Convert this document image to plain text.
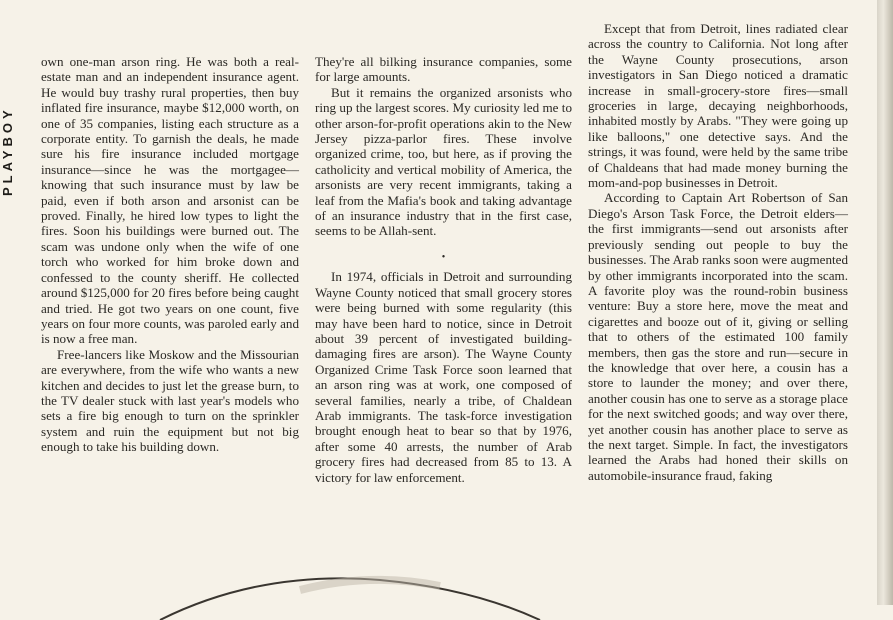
PLAYBOY

own one-man arson ring. He was both a real-estate man and an independent insurance agent. He would buy trashy rural properties, then buy inflated fire insurance, maybe $12,000 worth, on one of 35 companies, listing each structure as a corporate entity. To garnish the deals, he made sure his fire insurance included mortgage insurance—since he was the mortgagee—knowing that such insurance must by law be paid, even if both arson and arsonist can be proved. Finally, he hired low types to light the fires. Soon his buildings were burned out. The scam was undone only when the wife of one torch who worked for him broke down and confessed to the county sheriff. He collected around $125,000 for 20 fires before being caught and tried. He got two years on one count, five years on four more counts, was paroled early and is now a free man.

Free-lancers like Moskow and the Missourian are everywhere, from the wife who wants a new kitchen and decides to just let the grease burn, to the TV dealer stuck with last year's models who sets a fire big enough to turn on the sprinkler system and ruin the equipment but not big enough to take his building down.

They're all bilking insurance companies, some for large amounts.

But it remains the organized arsonists who ring up the largest scores. My curiosity led me to other arson-for-profit operations akin to the New Jersey pizza-parlor fires. These involve organized crime, too, but here, as if proving the catholicity and vertical mobility of America, the arsonists are very recent immigrants, taking a leaf from the Mafia's book and taking advantage of an insurance industry that in the first case, seems to be Allah-sent.

•

In 1974, officials in Detroit and surrounding Wayne County noticed that small grocery stores were being burned with some regularity (this may have been hard to notice, since in Detroit about 39 percent of investigated building-damaging fires are arson). The Wayne County Organized Crime Task Force soon learned that an arson ring was at work, one composed of several families, nearly a tribe, of Chaldean Arab immigrants. The task-force investigation brought enough heat to bear so that by 1976, after some 40 arrests, the number of Arab grocery fires had decreased from 85 to 13. A victory for law enforcement.

Except that from Detroit, lines radiated clear across the country to California. Not long after the Wayne County prosecutions, arson investigators in San Diego noticed a dramatic increase in small-grocery-store fires—small groceries in large, decaying neighborhoods, inhabited mostly by Arabs. "They were going up like balloons," one detective says. And the strings, it was found, were held by the same tribe of Chaldeans that had made money burning the mom-and-pop businesses in Detroit.

According to Captain Art Robertson of San Diego's Arson Task Force, the Detroit elders—the first immigrants—send out arsonists after previously sending out people to buy the businesses. The Arab ranks soon were augmented by other immigrants incorporated into the scam. A favorite ploy was the round-robin business venture: Buy a store here, move the meat and cigarettes and booze out of it, giving or selling that to others of the estimated 100 family members, then gas the store and run—secure in the knowledge that over here, a cousin has a store to launder the money; and over there, another cousin has one to serve as a storage place for the next switched goods; and way over there, yet another cousin has another place to serve as the next target. Simple. In fact, the investigators learned the Arabs had honed their skills on automobile-insurance fraud, faking
